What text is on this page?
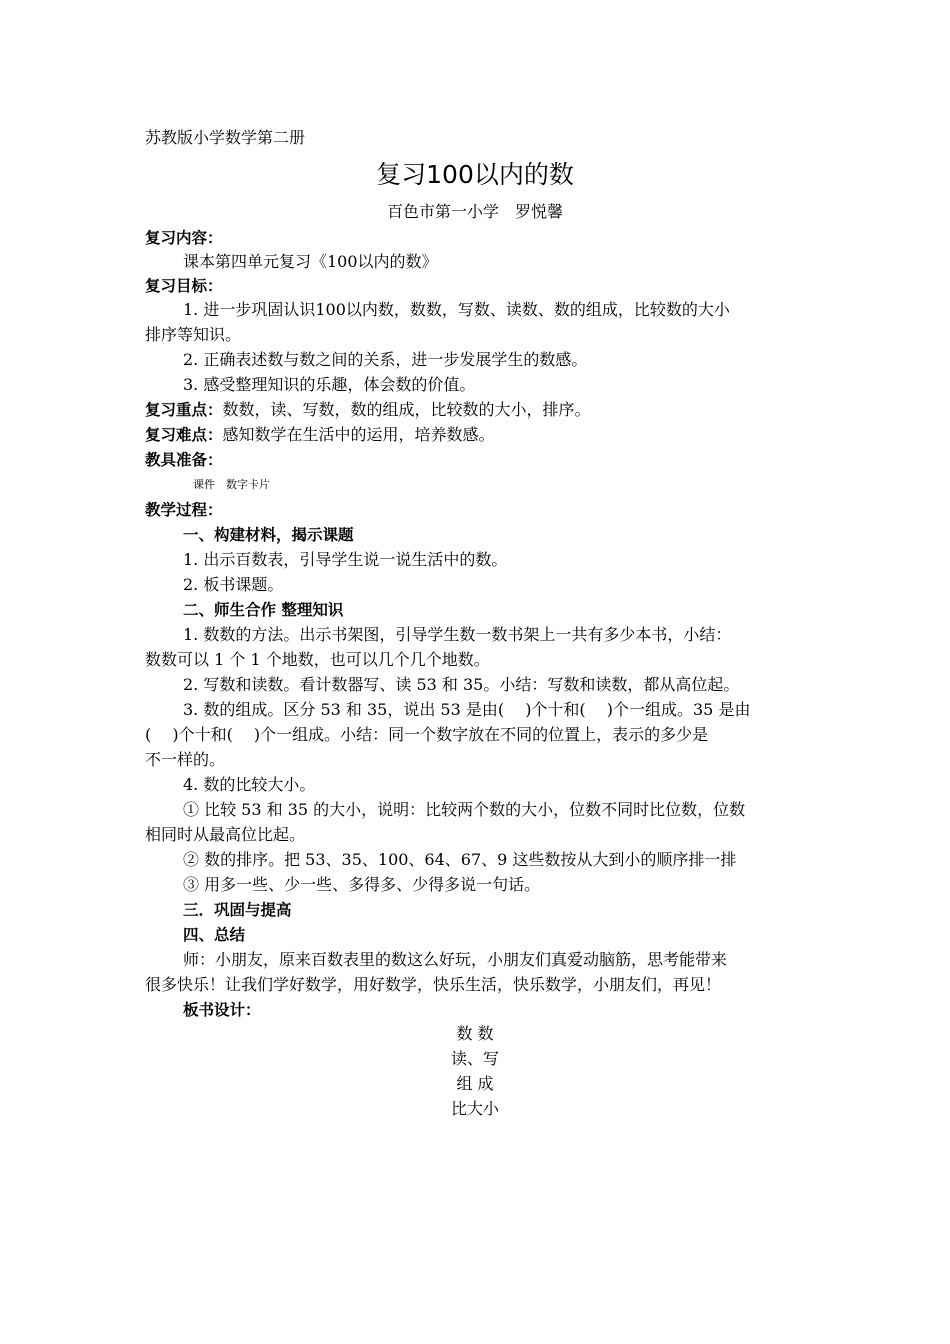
苏教版小学数学第二册
复习100以内的数
百色市第一小学　罗悦馨
复习内容：
课本第四单元复习《100以内的数》
复习目标：
1. 进一步巩固认识100以内数，数数，写数、读数、数的组成，比较数的大小
排序等知识。
2. 正确表述数与数之间的关系，进一步发展学生的数感。
3. 感受整理知识的乐趣，体会数的价值。
复习重点：数数，读、写数，数的组成，比较数的大小，排序。
复习难点：感知数学在生活中的运用，培养数感。
教具准备：
课件　数字卡片
教学过程：
一、构建材料，揭示课题
1. 出示百数表，引导学生说一说生活中的数。
2. 板书课题。
二、师生合作 整理知识
1. 数数的方法。出示书架图，引导学生数一数书架上一共有多少本书，小结：
数数可以 1 个 1 个地数，也可以几个几个地数。
2. 写数和读数。看计数器写、读 53 和 35。小结：写数和读数，都从高位起。
3. 数的组成。区分 53 和 35，说出 53 是由(　 )个十和(　 )个一组成。35 是由
(　 )个十和(　 )个一组成。小结：同一个数字放在不同的位置上，表示的多少是
不一样的。
4. 数的比较大小。
① 比较 53 和 35 的大小，说明：比较两个数的大小，位数不同时比位数，位数
相同时从最高位比起。
② 数的排序。把 53、35、100、64、67、9 这些数按从大到小的顺序排一排
③ 用多一些、少一些、多得多、少得多说一句话。
三．巩固与提高
四、总结
师：小朋友，原来百数表里的数这么好玩，小朋友们真爱动脑筋，思考能带来
很多快乐！让我们学好数学，用好数学，快乐生活，快乐数学，小朋友们，再见！
板书设计：
数 数
读、写
组 成
比大小
